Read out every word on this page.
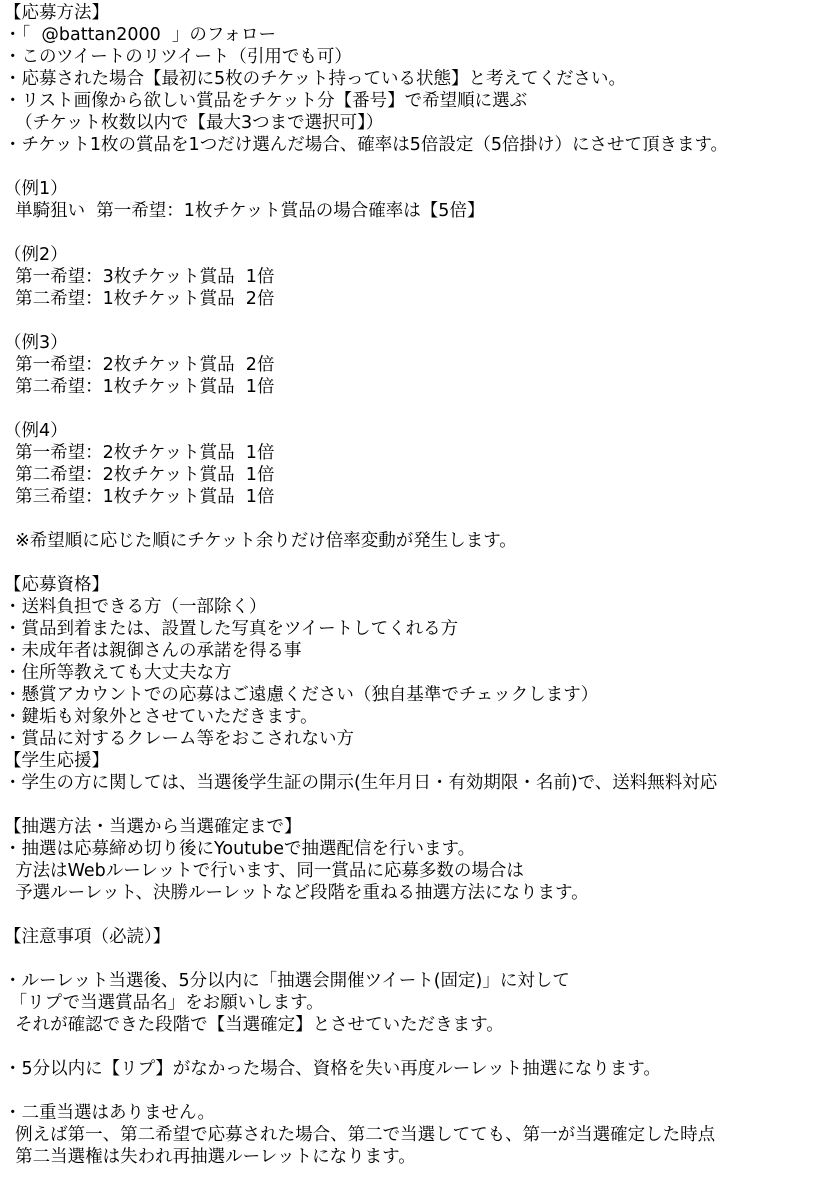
【応募方法】
・「  @battan2000  」のフォロー
・このツイートのリツイート（引用でも可）
・応募された場合【最初に5枚のチケット持っている状態】と考えてください。
・リスト画像から欲しい賞品をチケット分【番号】で希望順に選ぶ
（チケット枚数以内で【最大3つまで選択可】）
・チケット1枚の賞品を1つだけ選んだ場合、確率は5倍設定（5倍掛け）にさせて頂きます。
（例1）
単騎狙い  第一希望：1枚チケット賞品の場合確率は【5倍】
（例2）
第一希望：3枚チケット賞品  1倍
第二希望：1枚チケット賞品  2倍
（例3）
第一希望：2枚チケット賞品  2倍
第二希望：1枚チケット賞品  1倍
（例4）
第一希望：2枚チケット賞品  1倍
第二希望：2枚チケット賞品  1倍
第三希望：1枚チケット賞品  1倍
※希望順に応じた順にチケット余りだけ倍率変動が発生します。
【応募資格】
・送料負担できる方（一部除く）
・賞品到着または、設置した写真をツイートしてくれる方
・未成年者は親御さんの承諾を得る事
・住所等教えても大丈夫な方
・懸賞アカウントでの応募はご遠慮ください（独自基準でチェックします）
・鍵垢も対象外とさせていただきます。
・賞品に対するクレーム等をおこされない方
【学生応援】
・学生の方に関しては、当選後学生証の開示(生年月日・有効期限・名前)で、送料無料対応
【抽選方法・当選から当選確定まで】
・抽選は応募締め切り後にYoutubeで抽選配信を行います。
方法はWebルーレットで行います、同一賞品に応募多数の場合は
予選ルーレット、決勝ルーレットなど段階を重ねる抽選方法になります。
【注意事項（必読）】
・ルーレット当選後、5分以内に「抽選会開催ツイート(固定)」に対して
「リプで当選賞品名」をお願いします。
それが確認できた段階で【当選確定】とさせていただきます。
・5分以内に【リプ】がなかった場合、資格を失い再度ルーレット抽選になります。
・二重当選はありません。
例えば第一、第二希望で応募された場合、第二で当選してても、第一が当選確定した時点
第二当選権は失われ再抽選ルーレットになります。
